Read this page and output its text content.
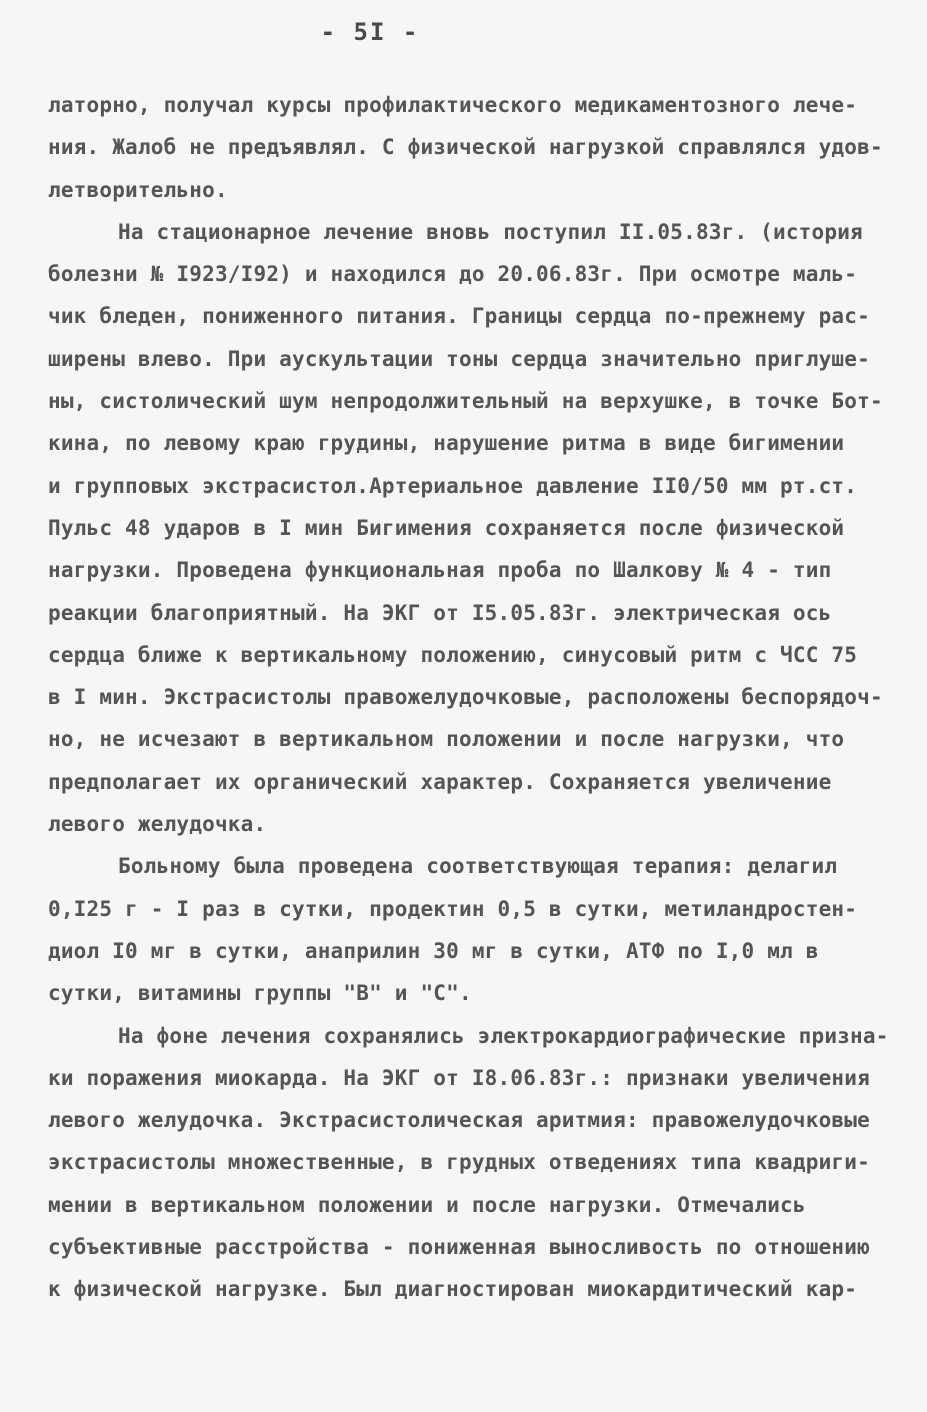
- 5I -
латорно, получал курсы профилактического медикаментозного лече-
ния. Жалоб не предъявлял. С физической нагрузкой справлялся удов-
летворительно.
На стационарное лечение вновь поступил II.05.83г. (история
болезни № I923/I92) и находился до 20.06.83г. При осмотре маль-
чик бледен, пониженного питания. Границы сердца по-прежнему рас-
ширены влево. При аускультации тоны сердца значительно приглуше-
ны, систолический шум непродолжительный на верхушке, в точке Бот-
кина, по левому краю грудины, нарушение ритма в виде бигимении
и групповых экстрасистол.Артериальное давление II0/50 мм рт.ст.
Пульс 48 ударов в I мин Бигимения сохраняется после физической
нагрузки. Проведена функциональная проба по Шалкову № 4 - тип
реакции благоприятный. На ЭКГ от I5.05.83г. электрическая ось
сердца ближе к вертикальному положению, синусовый ритм с ЧСС 75
в I мин. Экстрасистолы правожелудочковые, расположены беспорядоч-
но, не исчезают в вертикальном положении и после нагрузки, что
предполагает их органический характер. Сохраняется увеличение
левого желудочка.
Больному была проведена соответствующая терапия: делагил
0,I25 г - I раз в сутки, продектин 0,5 в сутки, метиландростен-
диол I0 мг в сутки, анаприлин 30 мг в сутки, АТФ по I,0 мл в
сутки, витамины группы "В" и "С".
На фоне лечения сохранялись электрокардиографические призна-
ки поражения миокарда. На ЭКГ от I8.06.83г.: признаки увеличения
левого желудочка. Экстрасистолическая аритмия: правожелудочковые
экстрасистолы множественные, в грудных отведениях типа квадриги-
мении в вертикальном положении и после нагрузки. Отмечались
субъективные расстройства - пониженная выносливость по отношению
к физической нагрузке. Был диагностирован миокардитический кар-
